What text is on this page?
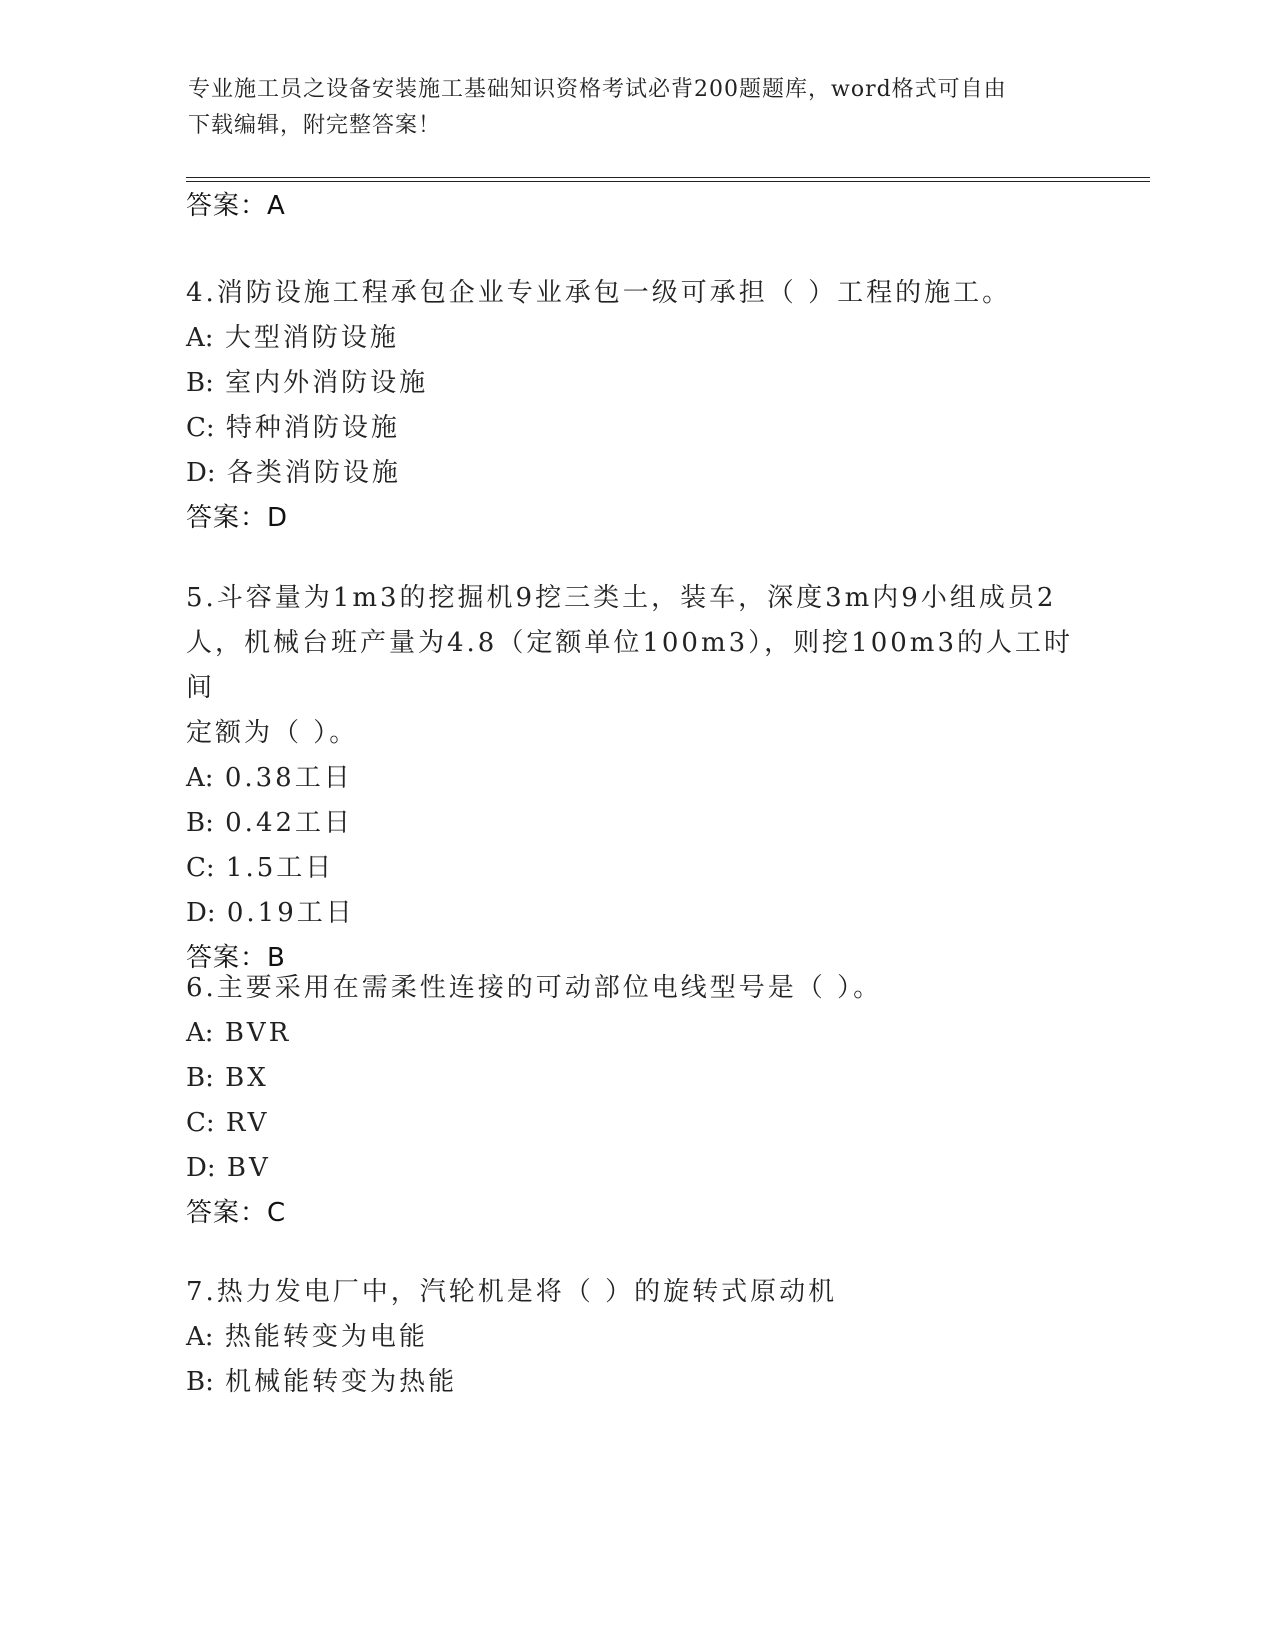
专业施工员之设备安装施工基础知识资格考试必背200题题库，word格式可自由
下载编辑，附完整答案！
答案：A
4.消防设施工程承包企业专业承包一级可承担（ ）工程的施工。
A: 大型消防设施
B: 室内外消防设施
C: 特种消防设施
D: 各类消防设施
答案：D
5.斗容量为1m3的挖掘机9挖三类土，装车，深度3m内9小组成员2
人，机械台班产量为4.8（定额单位100m3），则挖100m3的人工时间
定额为（ ）。
A: 0.38工日
B: 0.42工日
C: 1.5工日
D: 0.19工日
答案：B
6.主要采用在需柔性连接的可动部位电线型号是（ ）。
A: BVR
B: BX
C: RV
D: BV
答案：C
7.热力发电厂中，汽轮机是将（ ）的旋转式原动机
A: 热能转变为电能
B: 机械能转变为热能
